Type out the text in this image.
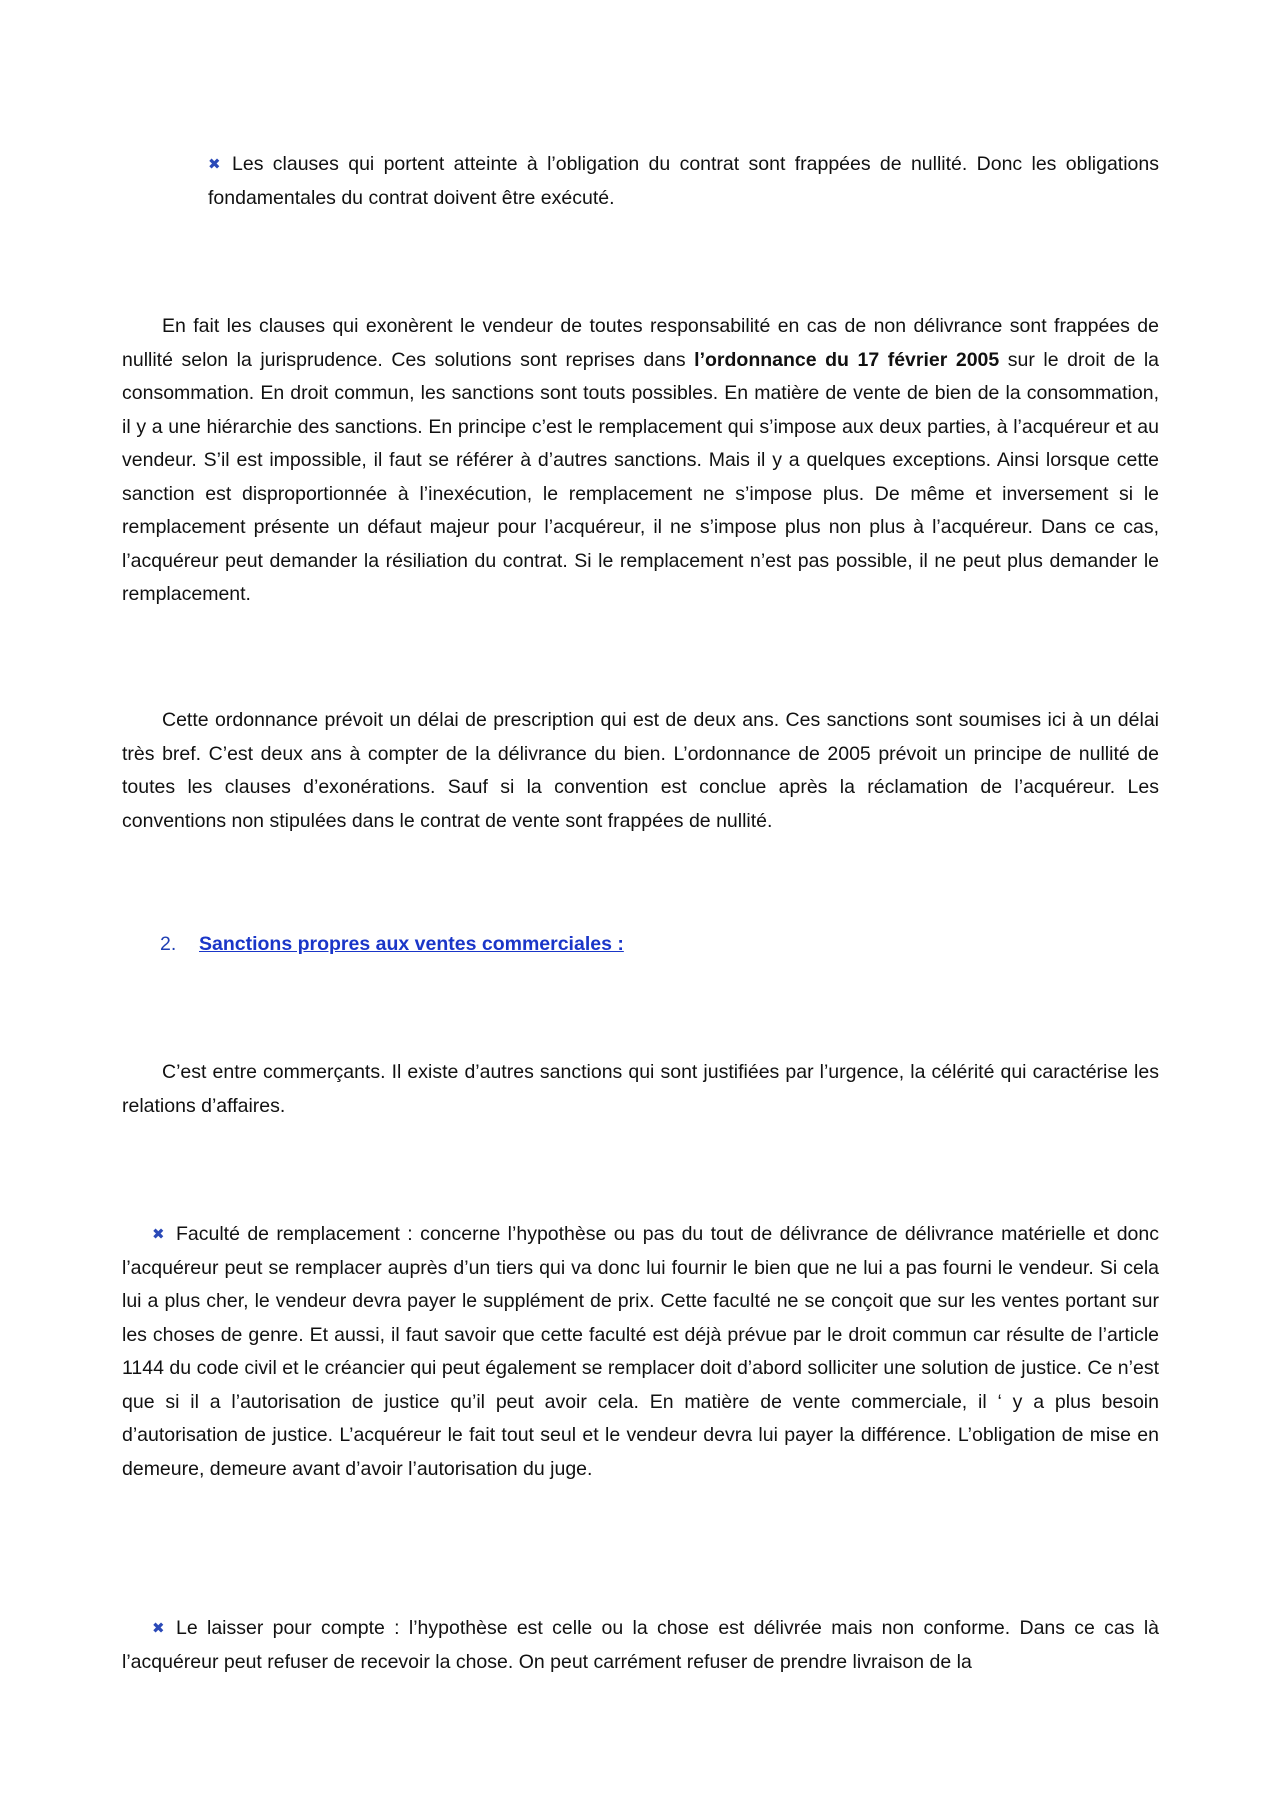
✖ Les clauses qui portent atteinte à l’obligation du contrat sont frappées de nullité. Donc les obligations fondamentales du contrat doivent être exécuté.

En fait les clauses qui exonèrent le vendeur de toutes responsabilité en cas de non délivrance sont frappées de nullité selon la jurisprudence. Ces solutions sont reprises dans l’ordonnance du 17 février 2005 sur le droit de la consommation. En droit commun, les sanctions sont touts possibles. En matière de vente de bien de la consommation, il y a une hiérarchie des sanctions. En principe c’est le remplacement qui s’impose aux deux parties, à l’acquéreur et au vendeur. S’il est impossible, il faut se référer à d’autres sanctions. Mais il y a quelques exceptions. Ainsi lorsque cette sanction est disproportionnée à l’inexécution, le remplacement ne s’impose plus. De même et inversement si le remplacement présente un défaut majeur pour l’acquéreur, il ne s’impose plus non plus à l’acquéreur. Dans ce cas, l’acquéreur peut demander la résiliation du contrat. Si le remplacement n’est pas possible, il ne peut plus demander le remplacement.

Cette ordonnance prévoit un délai de prescription qui est de deux ans. Ces sanctions sont soumises ici à un délai très bref. C’est deux ans à compter de la délivrance du bien. L’ordonnance de 2005 prévoit un principe de nullité de toutes les clauses d’exonérations. Sauf si la convention est conclue après la réclamation de l’acquéreur. Les conventions non stipulées dans le contrat de vente sont frappées de nullité.

2. Sanctions propres aux ventes commerciales :

C’est entre commerçants. Il existe d’autres sanctions qui sont justifiées par l’urgence, la célérité qui caractérise les relations d’affaires.

✖ Faculté de remplacement : concerne l’hypothèse ou pas du tout de délivrance de délivrance matérielle et donc l’acquéreur peut se remplacer auprès d’un tiers qui va donc lui fournir le bien que ne lui a pas fourni le vendeur. Si cela lui a plus cher, le vendeur devra payer le supplément de prix. Cette faculté ne se conçoit que sur les ventes portant sur les choses de genre. Et aussi, il faut savoir que cette faculté est déjà prévue par le droit commun car résulte de l’article 1144 du code civil et le créancier qui peut également se remplacer doit d’abord solliciter une solution de justice. Ce n’est que si il a l’autorisation de justice qu’il peut avoir cela. En matière de vente commerciale, il ‘ y a plus besoin d’autorisation de justice. L’acquéreur le fait tout seul et le vendeur devra lui payer la différence. L’obligation de mise en demeure, demeure avant d’avoir l’autorisation du juge.

✖ Le laisser pour compte : l’hypothèse est celle ou la chose est délivrée mais non conforme. Dans ce cas là l’acquéreur peut refuser de recevoir la chose. On peut carrément refuser de prendre livraison de la
